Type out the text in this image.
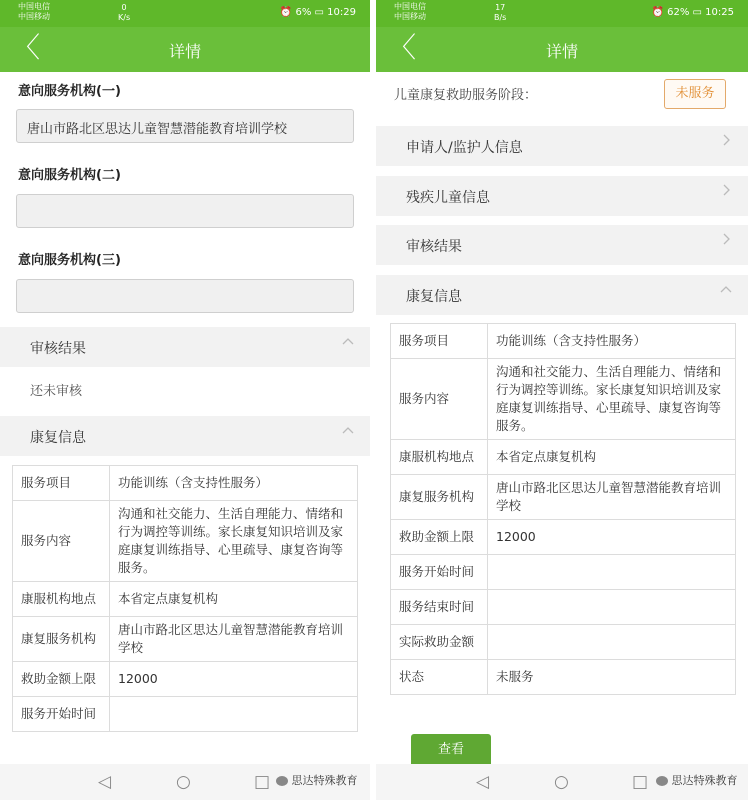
中国电信
中国移动
0
K/s	⏰ 6% ▭ 10:29
〈	详情
意向服务机构(一)
唐山市路北区思达儿童智慧潜能教育培训学校
意向服务机构(二)
意向服务机构(三)
审核结果
还未审核
康复信息
服务项目	功能训练（含支持性服务）
服务内容	沟通和社交能力、生活自理能力、情绪和行为调控等训练。家长康复知识培训及家庭康复训练指导、心里疏导、康复咨询等服务。
康服机构地点	本省定点康复机构
康复服务机构	唐山市路北区思达儿童智慧潜能教育培训学校
救助金额上限	12000
服务开始时间	
◁	○	□
中国电信
中国移动
17
B/s	⏰ 62% ▭ 10:25
〈	详情
儿童康复救助服务阶段：	未服务
申请人/监护人信息
残疾儿童信息
审核结果
康复信息
服务项目	功能训练（含支持性服务）
服务内容	沟通和社交能力、生活自理能力、情绪和行为调控等训练。家长康复知识培训及家庭康复训练指导、心里疏导、康复咨询等服务。
康服机构地点	本省定点康复机构
康复服务机构	唐山市路北区思达儿童智慧潜能教育培训学校
救助金额上限	12000
服务开始时间	
服务结束时间	
实际救助金额	
状态	未服务
查看
◁	○	□
思达特殊教育	思达特殊教育
